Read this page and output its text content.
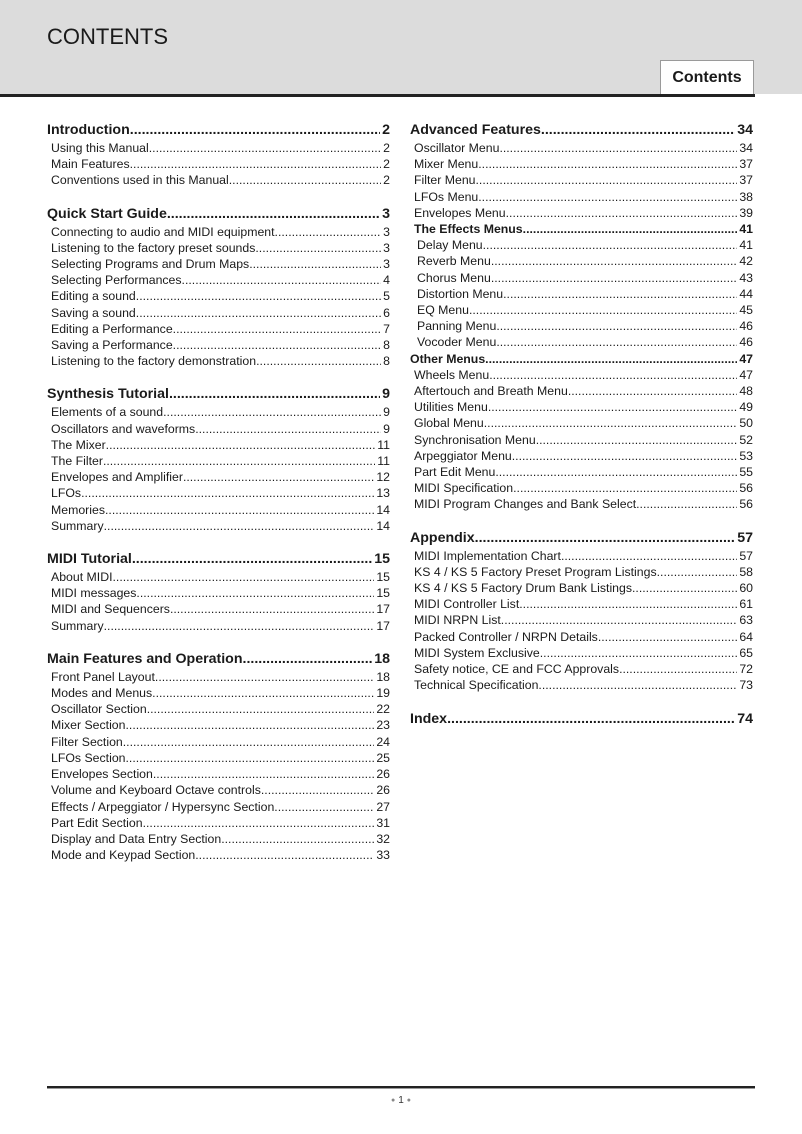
CONTENTS
Contents
Introduction .....	2
Using this Manual .....	2
Main Features .....	2
Conventions used in this Manual .....	2
Quick Start Guide .....	3
Connecting to audio and MIDI equipment .....	3
Listening to the factory preset sounds .....	3
Selecting Programs and Drum Maps .....	3
Selecting Performances .....	4
Editing a sound .....	5
Saving a sound .....	6
Editing a Performance .....	7
Saving a Performance .....	8
Listening to the factory demonstration .....	8
Synthesis Tutorial .....	9
Elements of a sound .....	9
Oscillators and waveforms .....	9
The Mixer .....	11
The Filter .....	11
Envelopes and Amplifier .....	12
LFOs .....	13
Memories .....	14
Summary .....	14
MIDI Tutorial .....	15
About MIDI .....	15
MIDI messages .....	15
MIDI and Sequencers .....	17
Summary .....	17
Main Features and Operation .....	18
Front Panel Layout .....	18
Modes and Menus .....	19
Oscillator Section .....	22
Mixer Section .....	23
Filter Section .....	24
LFOs Section .....	25
Envelopes Section .....	26
Volume and Keyboard Octave controls .....	26
Effects / Arpeggiator / Hypersync Section .....	27
Part Edit Section .....	31
Display and Data Entry Section .....	32
Mode and Keypad Section .....	33
Advanced Features .....	34
Oscillator Menu .....	34
Mixer Menu .....	37
Filter Menu .....	37
LFOs Menu .....	38
Envelopes Menu .....	39
The Effects Menus .....	41
Delay Menu .....	41
Reverb Menu .....	42
Chorus Menu .....	43
Distortion Menu .....	44
EQ Menu .....	45
Panning Menu .....	46
Vocoder Menu .....	46
Other Menus .....	47
Wheels Menu .....	47
Aftertouch and Breath Menu .....	48
Utilities Menu .....	49
Global Menu .....	50
Synchronisation Menu .....	52
Arpeggiator Menu .....	53
Part Edit Menu .....	55
MIDI Specification .....	56
MIDI Program Changes and Bank Select .....	56
Appendix .....	57
MIDI Implementation Chart .....	57
KS 4 / KS 5 Factory Preset Program Listings .....	58
KS 4 / KS 5 Factory Drum Bank Listings .....	60
MIDI Controller List .....	61
MIDI NRPN List .....	63
Packed Controller / NRPN Details .....	64
MIDI System Exclusive .....	65
Safety notice, CE and FCC Approvals .....	72
Technical Specification .....	73
Index .....	74
● 1 ●
